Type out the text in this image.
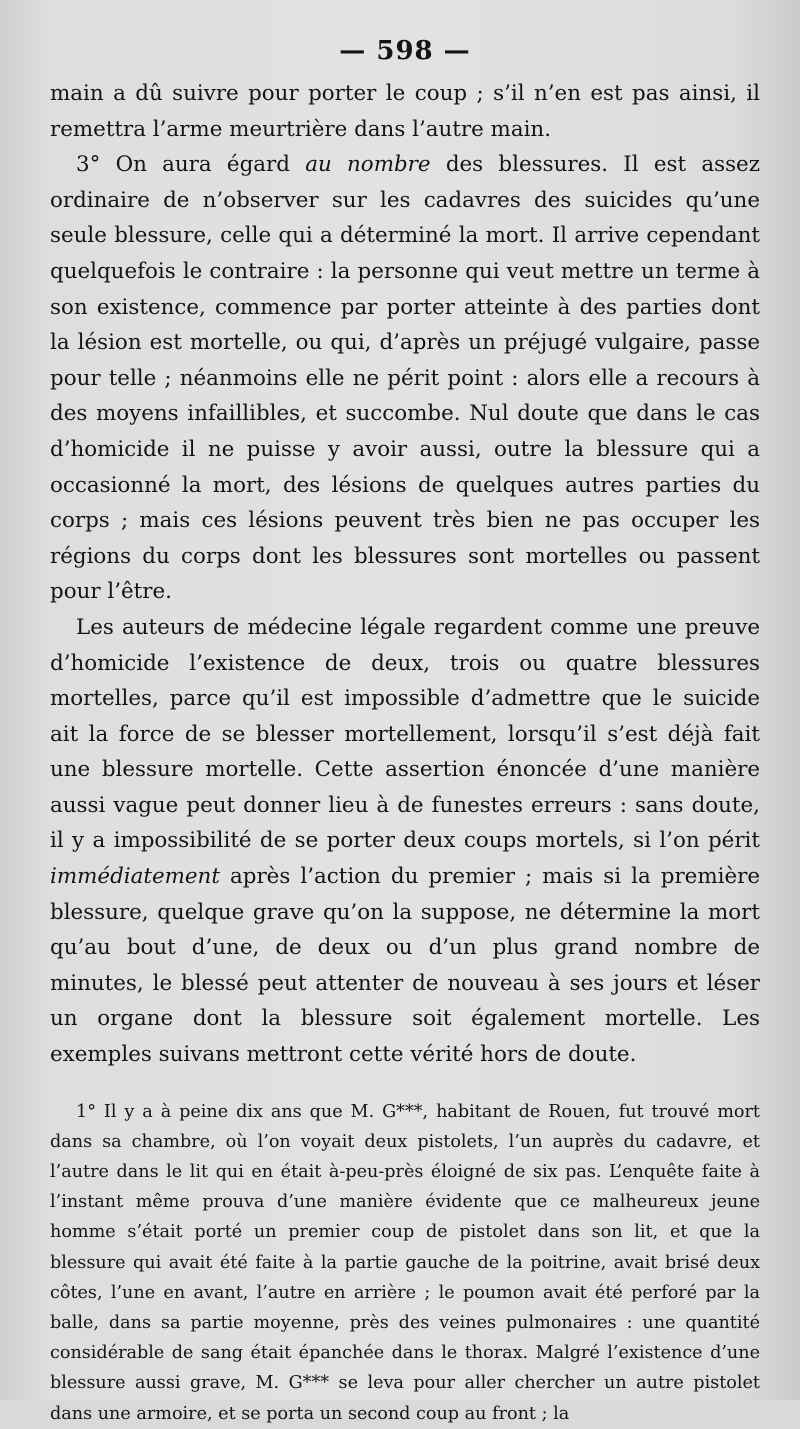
— 598 —

main a dû suivre pour porter le coup ; s’il n’en est pas ainsi, il remettra l’arme meurtrière dans l’autre main.

3° On aura égard au nombre des blessures. Il est assez ordinaire de n’observer sur les cadavres des suicides qu’une seule blessure, celle qui a déterminé la mort. Il arrive cependant quelquefois le contraire : la personne qui veut mettre un terme à son existence, commence par porter atteinte à des parties dont la lésion est mortelle, ou qui, d’après un préjugé vulgaire, passe pour telle ; néanmoins elle ne périt point : alors elle a recours à des moyens infaillibles, et succombe. Nul doute que dans le cas d’homicide il ne puisse y avoir aussi, outre la blessure qui a occasionné la mort, des lésions de quelques autres parties du corps ; mais ces lésions peuvent très bien ne pas occuper les régions du corps dont les blessures sont mortelles ou passent pour l’être.

Les auteurs de médecine légale regardent comme une preuve d’homicide l’existence de deux, trois ou quatre blessures mortelles, parce qu’il est impossible d’admettre que le suicide ait la force de se blesser mortellement, lorsqu’il s’est déjà fait une blessure mortelle. Cette assertion énoncée d’une manière aussi vague peut donner lieu à de funestes erreurs : sans doute, il y a impossibilité de se porter deux coups mortels, si l’on périt immédiatement après l’action du premier ; mais si la première blessure, quelque grave qu’on la suppose, ne détermine la mort qu’au bout d’une, de deux ou d’un plus grand nombre de minutes, le blessé peut attenter de nouveau à ses jours et léser un organe dont la blessure soit également mortelle. Les exemples suivans mettront cette vérité hors de doute.

1° Il y a à peine dix ans que M. G***, habitant de Rouen, fut trouvé mort dans sa chambre, où l’on voyait deux pistolets, l’un auprès du cadavre, et l’autre dans le lit qui en était à-peu-près éloigné de six pas. L’enquête faite à l’instant même prouva d’une manière évidente que ce malheureux jeune homme s’était porté un premier coup de pistolet dans son lit, et que la blessure qui avait été faite à la partie gauche de la poitrine, avait brisé deux côtes, l’une en avant, l’autre en arrière ; le poumon avait été perforé par la balle, dans sa partie moyenne, près des veines pulmonaires : une quantité considérable de sang était épanchée dans le thorax. Malgré l’existence d’une blessure aussi grave, M. G*** se leva pour aller chercher un autre pistolet dans une armoire, et se porta un second coup au front ; la
